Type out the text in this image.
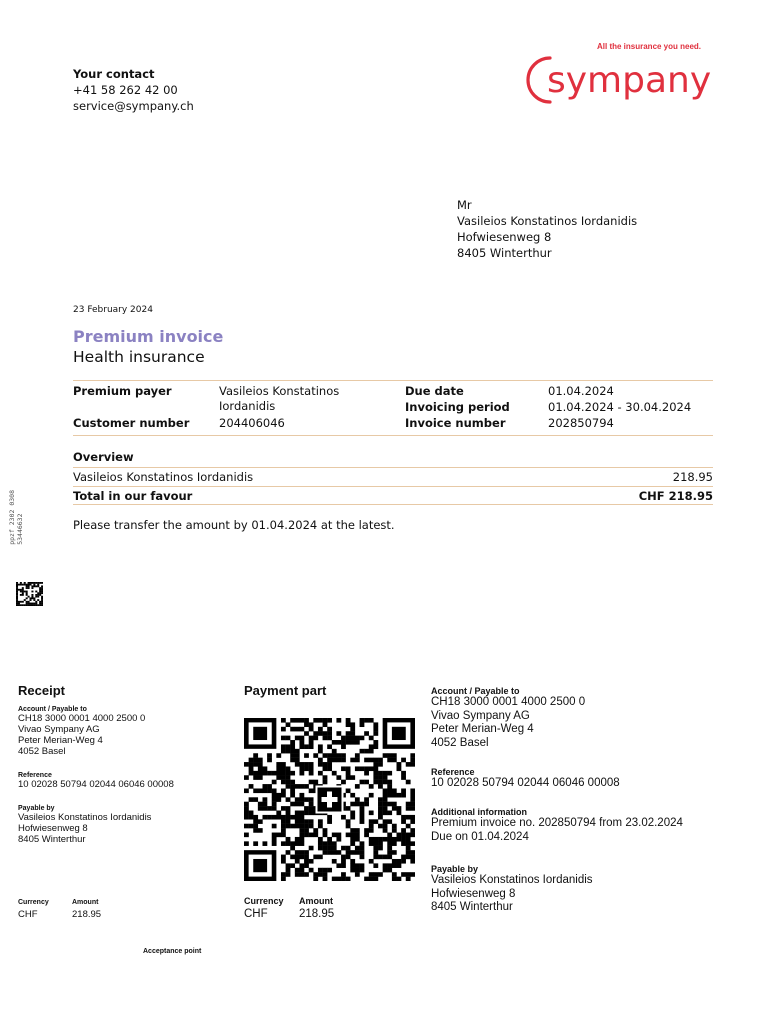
Your contact
+41 58 262 42 00
service@sympany.ch
All the insurance you need.
sympany
Mr
Vasileios Konstatinos Iordanidis
Hofwiesenweg 8
8405 Winterthur
23 February 2024
Premium invoice
Health insurance
Premium payer	Vasileios Konstatinos
Iordanidis
Customer number	204406046
Due date	01.04.2024
Invoicing period	01.04.2024 - 30.04.2024
Invoice number	202850794
Overview
Vasileios Konstatinos Iordanidis	218.95
Total in our favour	CHF 218.95
Please transfer the amount by 01.04.2024 at the latest.
ppzf 2302 0308
53446632
Receipt
Account / Payable to
CH18 3000 0001 4000 2500 0
Vivao Sympany AG
Peter Merian-Weg 4
4052 Basel
Reference
10 02028 50794 02044 06046 00008
Payable by
Vasileios Konstatinos Iordanidis
Hofwiesenweg 8
8405 Winterthur
Currency
CHF
Amount
218.95
Acceptance point
Payment part
Currency
CHF
Amount
218.95
Account / Payable to
CH18 3000 0001 4000 2500 0
Vivao Sympany AG
Peter Merian-Weg 4
4052 Basel
Reference
10 02028 50794 02044 06046 00008
Additional information
Premium invoice no. 202850794 from 23.02.2024
Due on 01.04.2024
Payable by
Vasileios Konstatinos Iordanidis
Hofwiesenweg 8
8405 Winterthur
